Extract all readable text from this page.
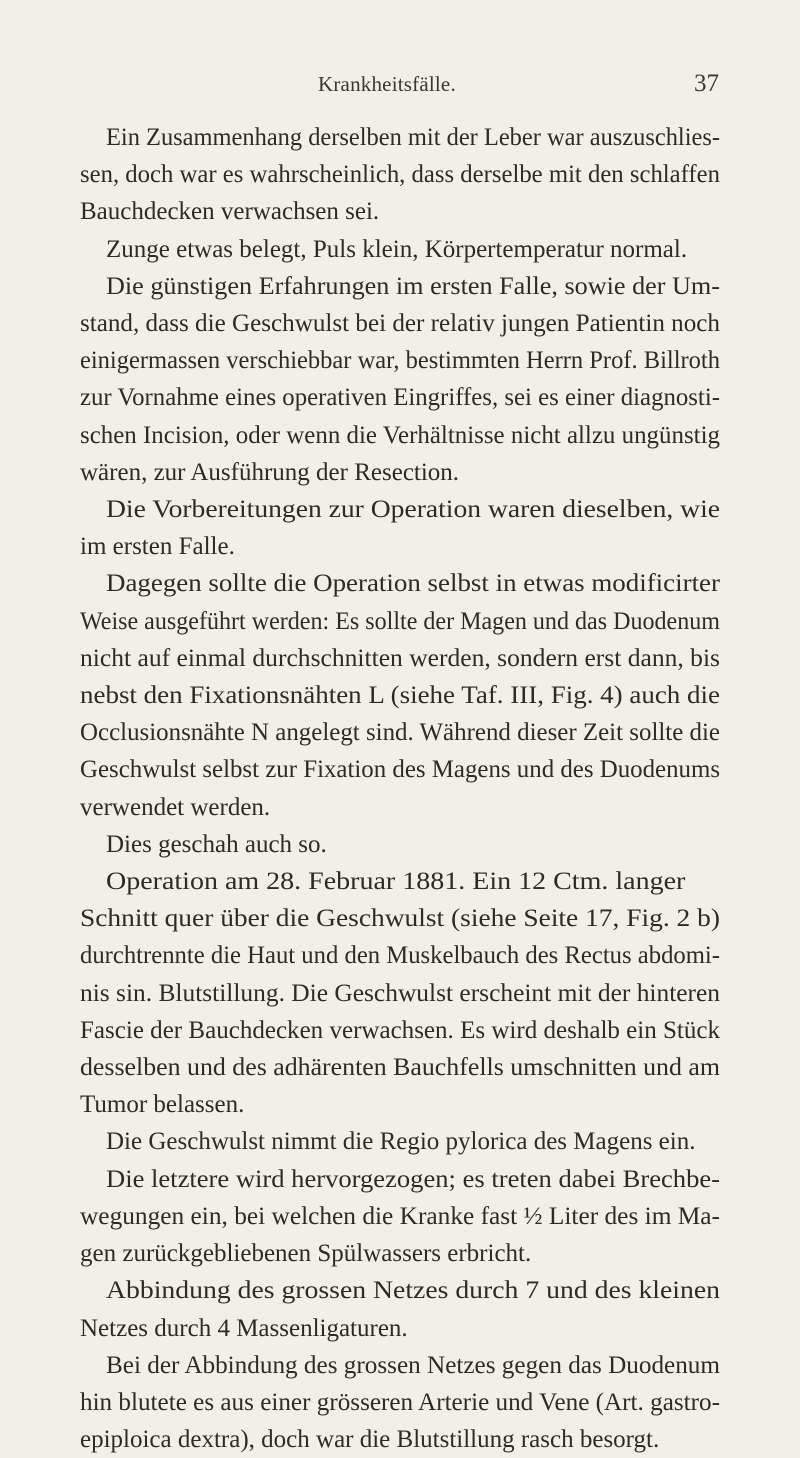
Krankheitsfälle.	37
Ein Zusammenhang derselben mit der Leber war auszuschlies-
sen, doch war es wahrscheinlich, dass derselbe mit den schlaffen
Bauchdecken verwachsen sei.
Zunge etwas belegt, Puls klein, Körpertemperatur normal.
Die günstigen Erfahrungen im ersten Falle, sowie der Um-
stand, dass die Geschwulst bei der relativ jungen Patientin noch
einigermassen verschiebbar war, bestimmten Herrn Prof. Billroth
zur Vornahme eines operativen Eingriffes, sei es einer diagnosti-
schen Incision, oder wenn die Verhältnisse nicht allzu ungünstig
wären, zur Ausführung der Resection.
Die Vorbereitungen zur Operation waren dieselben, wie
im ersten Falle.
Dagegen sollte die Operation selbst in etwas modificirter
Weise ausgeführt werden: Es sollte der Magen und das Duodenum
nicht auf einmal durchschnitten werden, sondern erst dann, bis
nebst den Fixationsnähten L (siehe Taf. III, Fig. 4) auch die
Occlusionsnähte N angelegt sind. Während dieser Zeit sollte die
Geschwulst selbst zur Fixation des Magens und des Duodenums
verwendet werden.
Dies geschah auch so.
Operation am 28. Februar 1881. Ein 12 Ctm. langer
Schnitt quer über die Geschwulst (siehe Seite 17, Fig. 2 b)
durchtrennte die Haut und den Muskelbauch des Rectus abdomi-
nis sin. Blutstillung. Die Geschwulst erscheint mit der hinteren
Fascie der Bauchdecken verwachsen. Es wird deshalb ein Stück
desselben und des adhärenten Bauchfells umschnitten und am
Tumor belassen.
Die Geschwulst nimmt die Regio pylorica des Magens ein.
Die letztere wird hervorgezogen; es treten dabei Brechbe-
wegungen ein, bei welchen die Kranke fast ½ Liter des im Ma-
gen zurückgebliebenen Spülwassers erbricht.
Abbindung des grossen Netzes durch 7 und des kleinen
Netzes durch 4 Massenligaturen.
Bei der Abbindung des grossen Netzes gegen das Duodenum
hin blutete es aus einer grösseren Arterie und Vene (Art. gastro-
epiploica dextra), doch war die Blutstillung rasch besorgt.
